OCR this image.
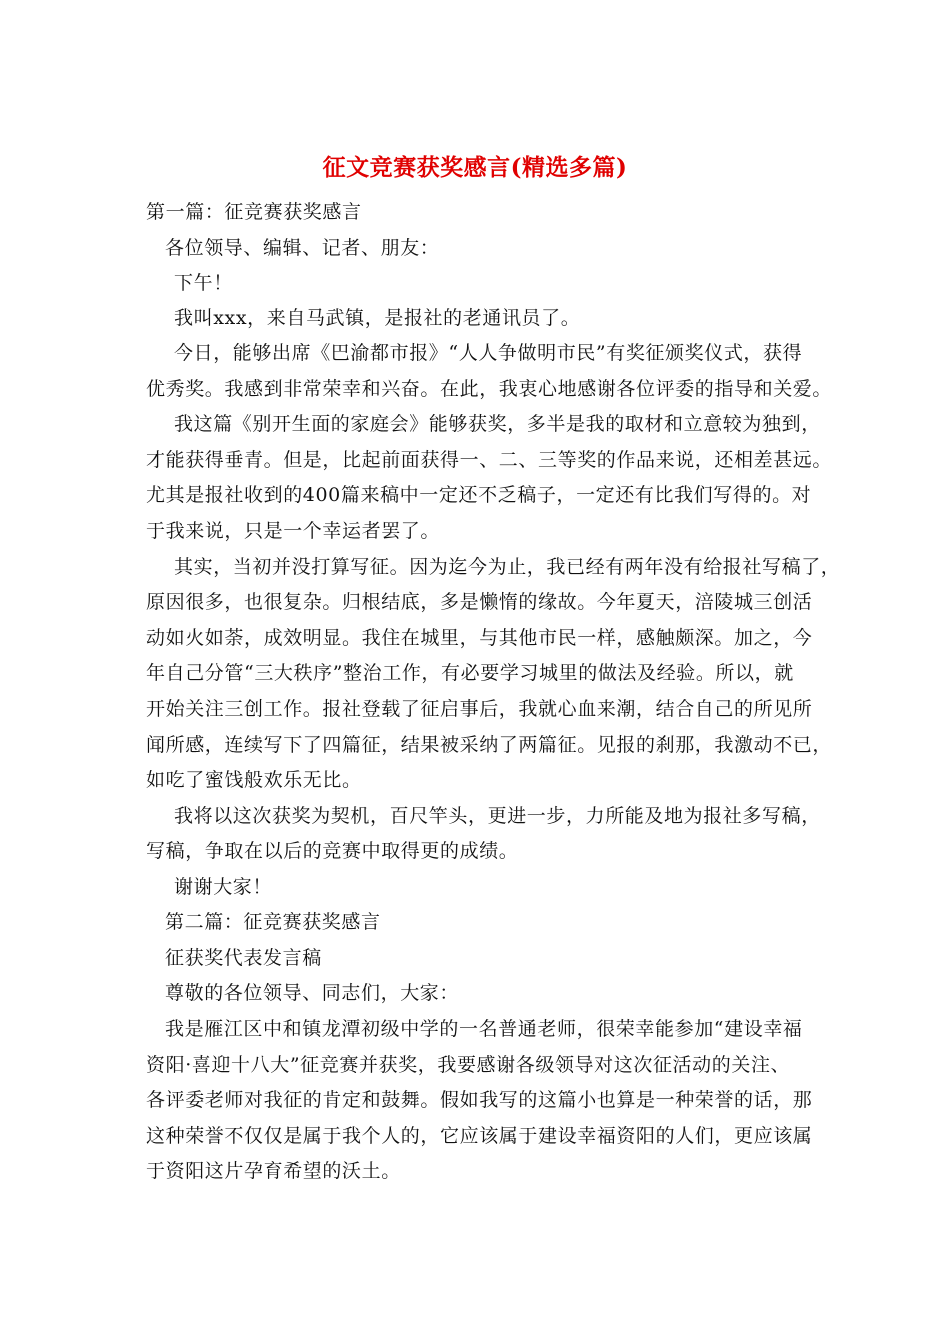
征文竞赛获奖感言(精选多篇)
第一篇：征竞赛获奖感言
各位领导、编辑、记者、朋友：
下午！
我叫xxx，来自马武镇，是报社的老通讯员了。
今日，能够出席《巴渝都市报》“人人争做明市民”有奖征颁奖仪式，获得
优秀奖。我感到非常荣幸和兴奋。在此，我衷心地感谢各位评委的指导和关爱。
我这篇《别开生面的家庭会》能够获奖，多半是我的取材和立意较为独到，
才能获得垂青。但是，比起前面获得一、二、三等奖的作品来说，还相差甚远。
尤其是报社收到的400篇来稿中一定还不乏稿子，一定还有比我们写得的。对
于我来说，只是一个幸运者罢了。
其实，当初并没打算写征。因为迄今为止，我已经有两年没有给报社写稿了，
原因很多，也很复杂。归根结底，多是懒惰的缘故。今年夏天，涪陵城三创活
动如火如荼，成效明显。我住在城里，与其他市民一样，感触颇深。加之，今
年自己分管“三大秩序”整治工作，有必要学习城里的做法及经验。所以，就
开始关注三创工作。报社登载了征启事后，我就心血来潮，结合自己的所见所
闻所感，连续写下了四篇征，结果被采纳了两篇征。见报的刹那，我激动不已，
如吃了蜜饯般欢乐无比。
我将以这次获奖为契机，百尺竿头，更进一步，力所能及地为报社多写稿，
写稿，争取在以后的竞赛中取得更的成绩。
谢谢大家！
第二篇：征竞赛获奖感言
征获奖代表发言稿
尊敬的各位领导、同志们，大家：
我是雁江区中和镇龙潭初级中学的一名普通老师，很荣幸能参加“建设幸福
资阳·喜迎十八大”征竞赛并获奖，我要感谢各级领导对这次征活动的关注、
各评委老师对我征的肯定和鼓舞。假如我写的这篇小也算是一种荣誉的话，那
这种荣誉不仅仅是属于我个人的，它应该属于建设幸福资阳的人们，更应该属
于资阳这片孕育希望的沃土。
